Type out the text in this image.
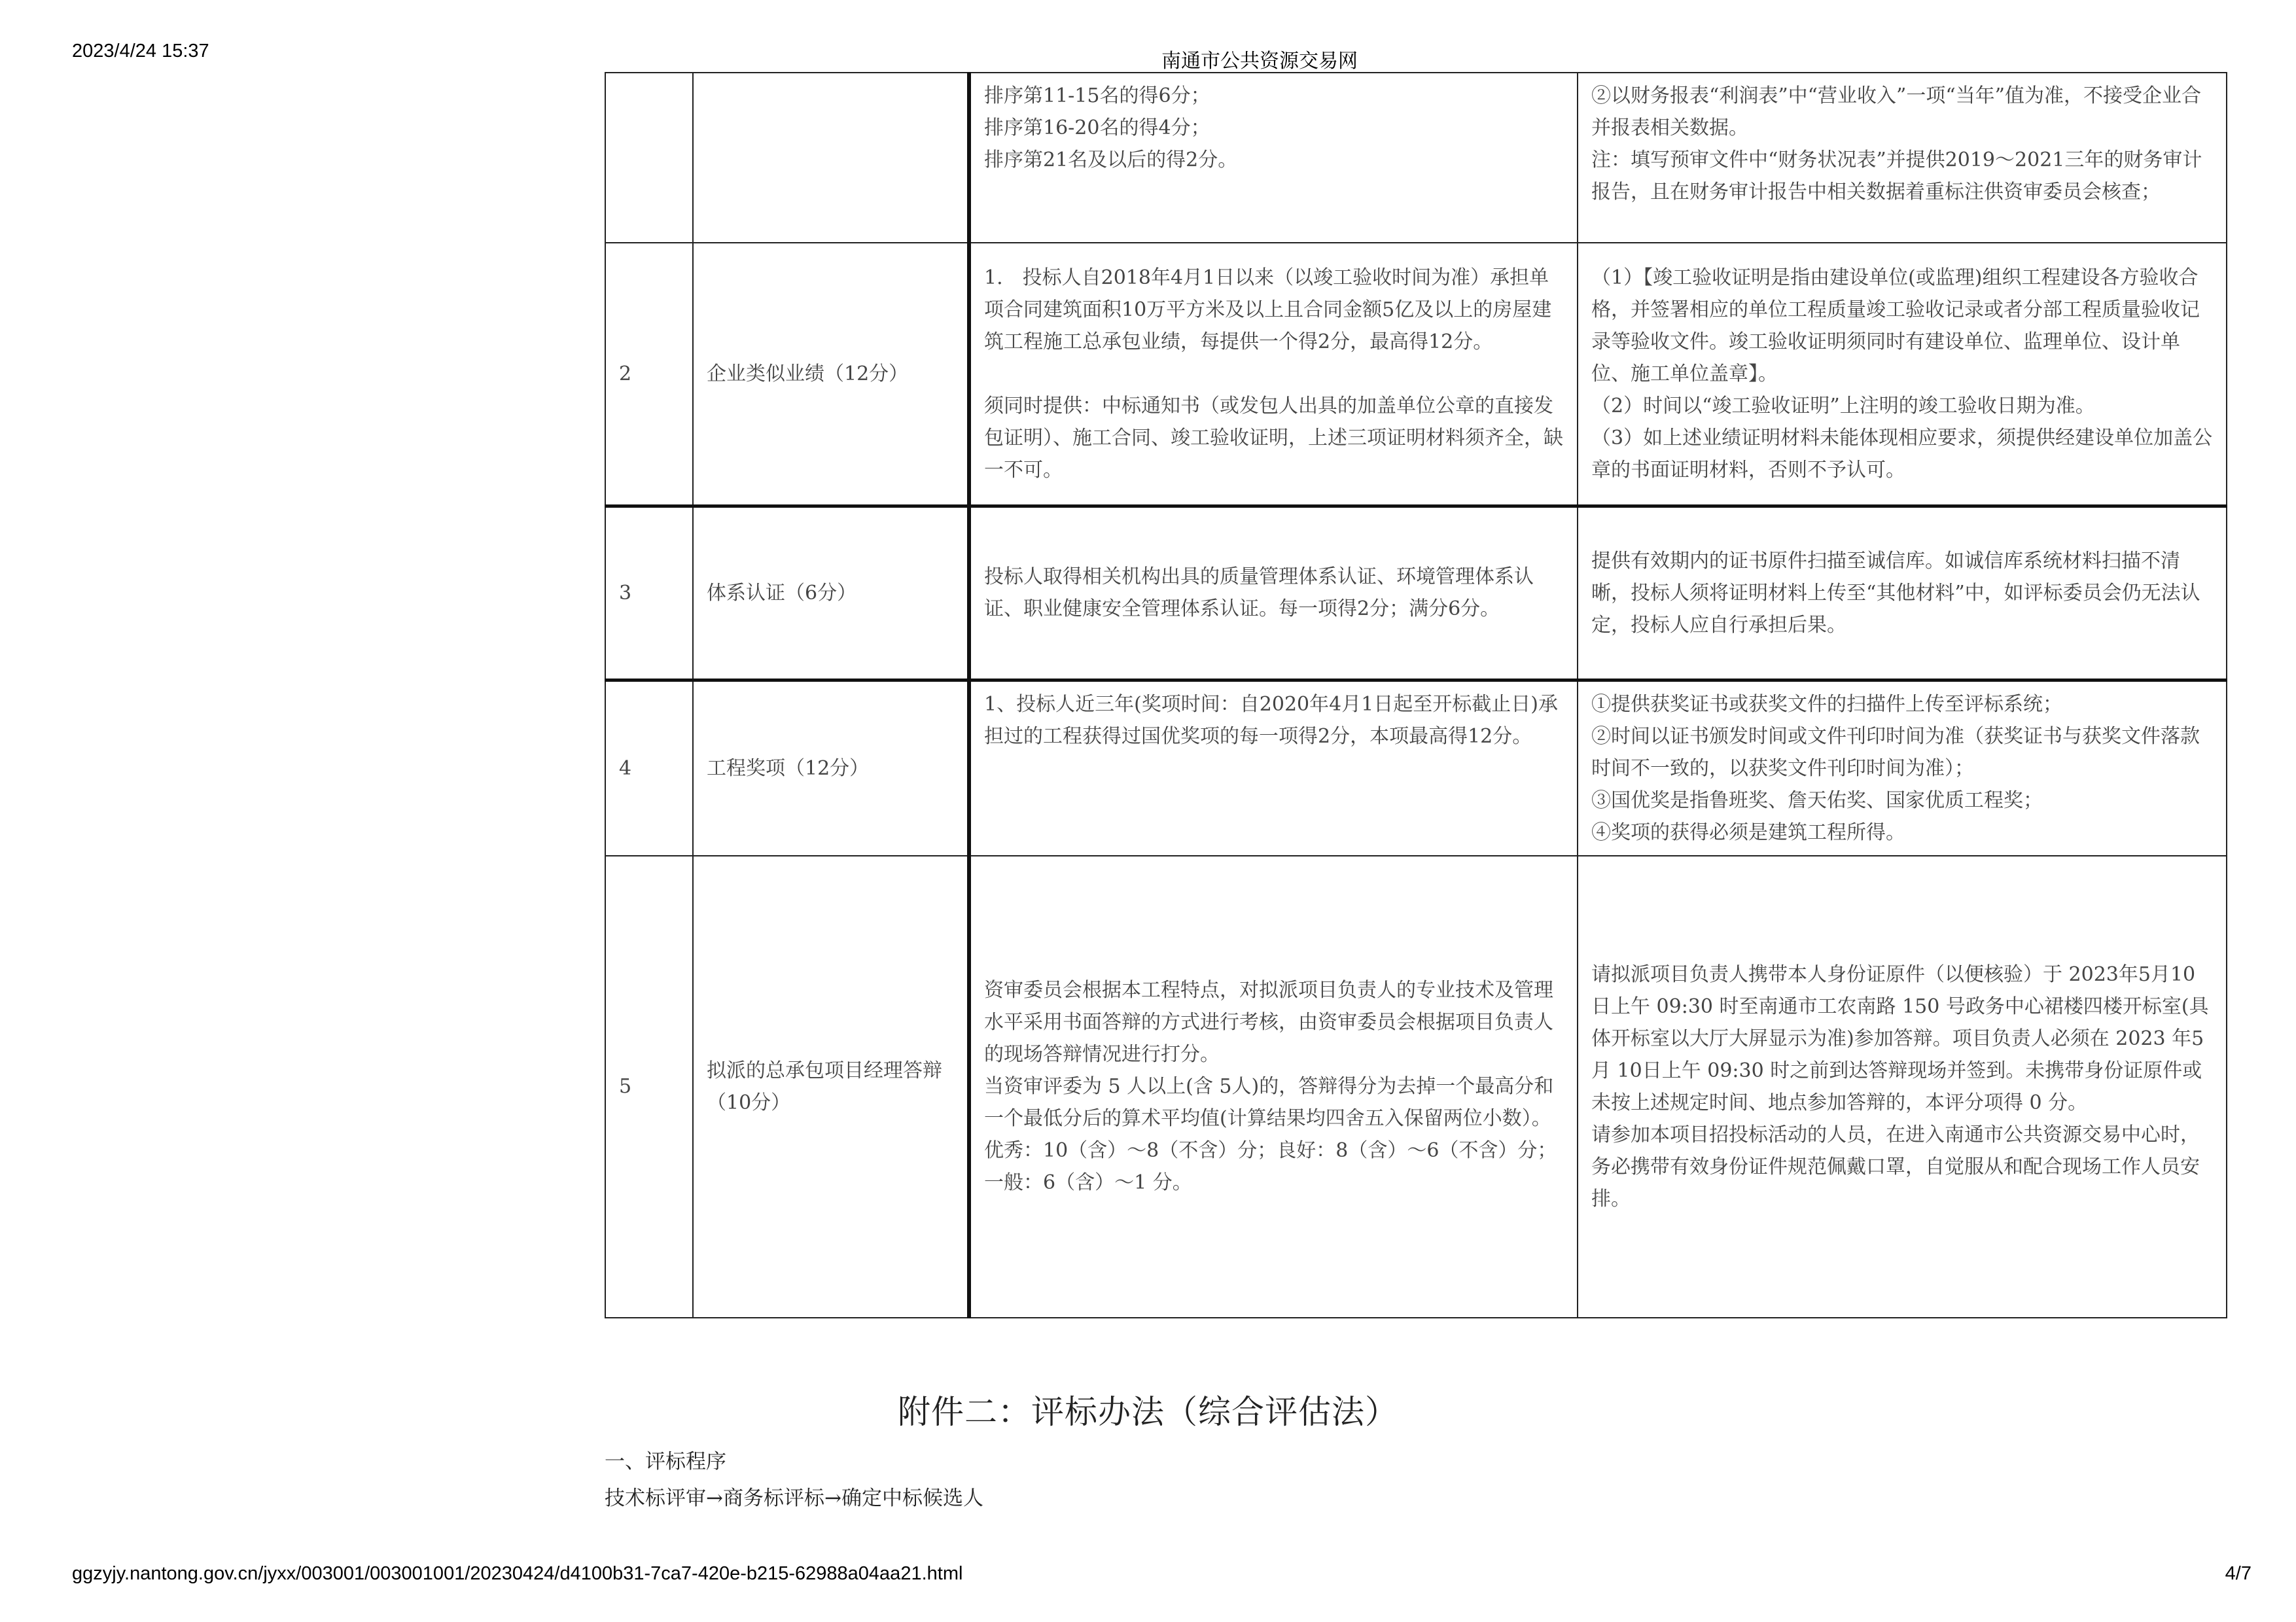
2023/4/24 15:37	南通市公共资源交易网

		排序第11-15名的得6分；
排序第16-20名的得4分；
排序第21名及以后的得2分。	②以财务报表“利润表”中“营业收入”一项“当年”值为准，不接受企业合并报表相关数据。
注：填写预审文件中“财务状况表”并提供2019～2021三年的财务审计报告，且在财务审计报告中相关数据着重标注供资审委员会核查；

2	企业类似业绩（12分）	1.　投标人自2018年4月1日以来（以竣工验收时间为准）承担单项合同建筑面积10万平方米及以上且合同金额5亿及以上的房屋建筑工程施工总承包业绩，每提供一个得2分，最高得12分。
须同时提供：中标通知书（或发包人出具的加盖单位公章的直接发包证明）、施工合同、竣工验收证明，上述三项证明材料须齐全，缺一不可。	（1）【竣工验收证明是指由建设单位(或监理)组织工程建设各方验收合格，并签署相应的单位工程质量竣工验收记录或者分部工程质量验收记录等验收文件。竣工验收证明须同时有建设单位、监理单位、设计单位、施工单位盖章】。
（2）时间以“竣工验收证明”上注明的竣工验收日期为准。
（3）如上述业绩证明材料未能体现相应要求，须提供经建设单位加盖公章的书面证明材料，否则不予认可。

3	体系认证（6分）	投标人取得相关机构出具的质量管理体系认证、环境管理体系认证、职业健康安全管理体系认证。每一项得2分；满分6分。	提供有效期内的证书原件扫描至诚信库。如诚信库系统材料扫描不清晰，投标人须将证明材料上传至“其他材料”中，如评标委员会仍无法认定，投标人应自行承担后果。

4	工程奖项（12分）	1、投标人近三年(奖项时间：自2020年4月1日起至开标截止日)承担过的工程获得过国优奖项的每一项得2分，本项最高得12分。	①提供获奖证书或获奖文件的扫描件上传至评标系统；
②时间以证书颁发时间或文件刊印时间为准（获奖证书与获奖文件落款时间不一致的，以获奖文件刊印时间为准）；
③国优奖是指鲁班奖、詹天佑奖、国家优质工程奖；
④奖项的获得必须是建筑工程所得。

5	拟派的总承包项目经理答辩（10分）	资审委员会根据本工程特点，对拟派项目负责人的专业技术及管理水平采用书面答辩的方式进行考核，由资审委员会根据项目负责人的现场答辩情况进行打分。
当资审评委为 5 人以上(含 5人)的，答辩得分为去掉一个最高分和一个最低分后的算术平均值(计算结果均四舍五入保留两位小数）。优秀：10（含）～8（不含）分；良好：8（含）～6（不含）分；一般：6（含）～1 分。	请拟派项目负责人携带本人身份证原件（以便核验）于 2023年5月10　日上午 09:30 时至南通市工农南路 150 号政务中心裙楼四楼开标室(具体开标室以大厅大屏显示为准)参加答辩。项目负责人必须在 2023 年5　月 10日上午 09:30 时之前到达答辩现场并签到。未携带身份证原件或未按上述规定时间、地点参加答辩的，本评分项得 0 分。
请参加本项目招投标活动的人员，在进入南通市公共资源交易中心时，务必携带有效身份证件规范佩戴口罩，自觉服从和配合现场工作人员安排。
附件二：评标办法（综合评估法）
一、评标程序
技术标评审→商务标评标→确定中标候选人
ggzyjy.nantong.gov.cn/jyxx/003001/003001001/20230424/d4100b31-7ca7-420e-b215-62988a04aa21.html	4/7
